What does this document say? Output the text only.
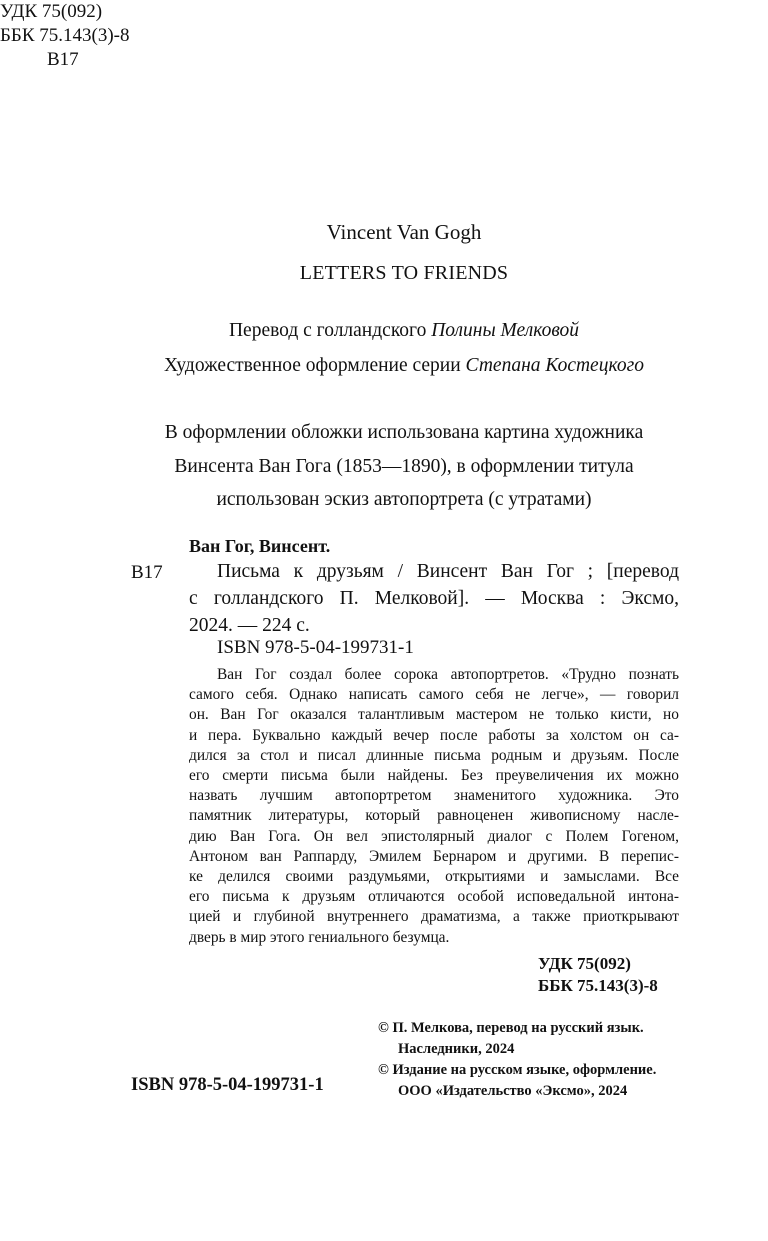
УДК 75(092)
ББК 75.143(3)-8
В17
Vincent Van Gogh
LETTERS TO FRIENDS
Перевод с голландского Полины Мелковой
Художественное оформление серии Степана Костецкого
В оформлении обложки использована картина художника
Винсента Ван Гога (1853—1890), в оформлении титула
использован эскиз автопортрета (с утратами)
Ван Гог, Винсент.
В17	Письма к друзьям / Винсент Ван Гог ; [перевод

с голландского П. Мелковой]. — Москва : Эксмо,

2024. — 224 с.

ISBN 978-5-04-199731-1
Ван Гог создал более сорока автопортретов. «Трудно познать
самого себя. Однако написать самого себя не легче», — говорил
он. Ван Гог оказался талантливым мастером не только кисти, но
и пера. Буквально каждый вечер после работы за холстом он са-
дился за стол и писал длинные письма родным и друзьям. После
его смерти письма были найдены. Без преувеличения их можно
назвать лучшим автопортретом знаменитого художника. Это
памятник литературы, который равноценен живописному насле-
дию Ван Гога. Он вел эпистолярный диалог с Полем Гогеном,
Антоном ван Раппарду, Эмилем Бернаром и другими. В перепис-
ке делился своими раздумьями, открытиями и замыслами. Все
его письма к друзьям отличаются особой исповедальной интона-
цией и глубиной внутреннего драматизма, а также приоткрывают
дверь в мир этого гениального безумца.
УДК 75(092)
ББК 75.143(3)-8
© П. Мелкова, перевод на русский язык.
Наследники, 2024
© Издание на русском языке, оформление.
ООО «Издательство «Эксмо», 2024
ISBN 978-5-04-199731-1
